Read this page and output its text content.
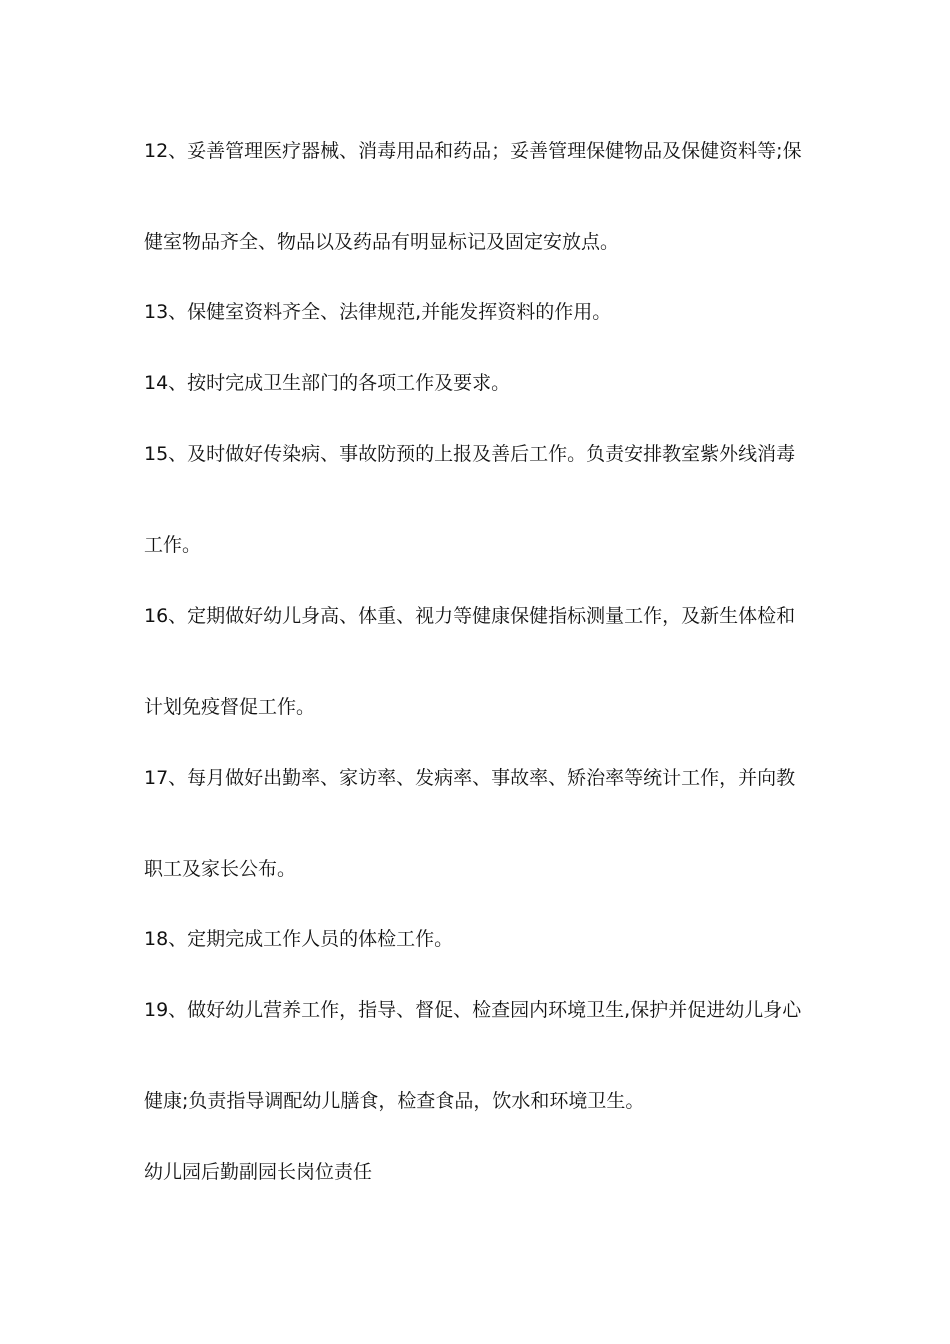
12、妥善管理医疗器械、消毒用品和药品；妥善管理保健物品及保健资料等;保
健室物品齐全、物品以及药品有明显标记及固定安放点。
13、保健室资料齐全、法律规范,并能发挥资料的作用。
14、按时完成卫生部门的各项工作及要求。
15、及时做好传染病、事故防预的上报及善后工作。负责安排教室紫外线消毒
工作。
16、定期做好幼儿身高、体重、视力等健康保健指标测量工作，及新生体检和
计划免疫督促工作。
17、每月做好出勤率、家访率、发病率、事故率、矫治率等统计工作，并向教
职工及家长公布。
18、定期完成工作人员的体检工作。
19、做好幼儿营养工作，指导、督促、检查园内环境卫生,保护并促进幼儿身心
健康;负责指导调配幼儿膳食，检查食品，饮水和环境卫生。
幼儿园后勤副园长岗位责任
